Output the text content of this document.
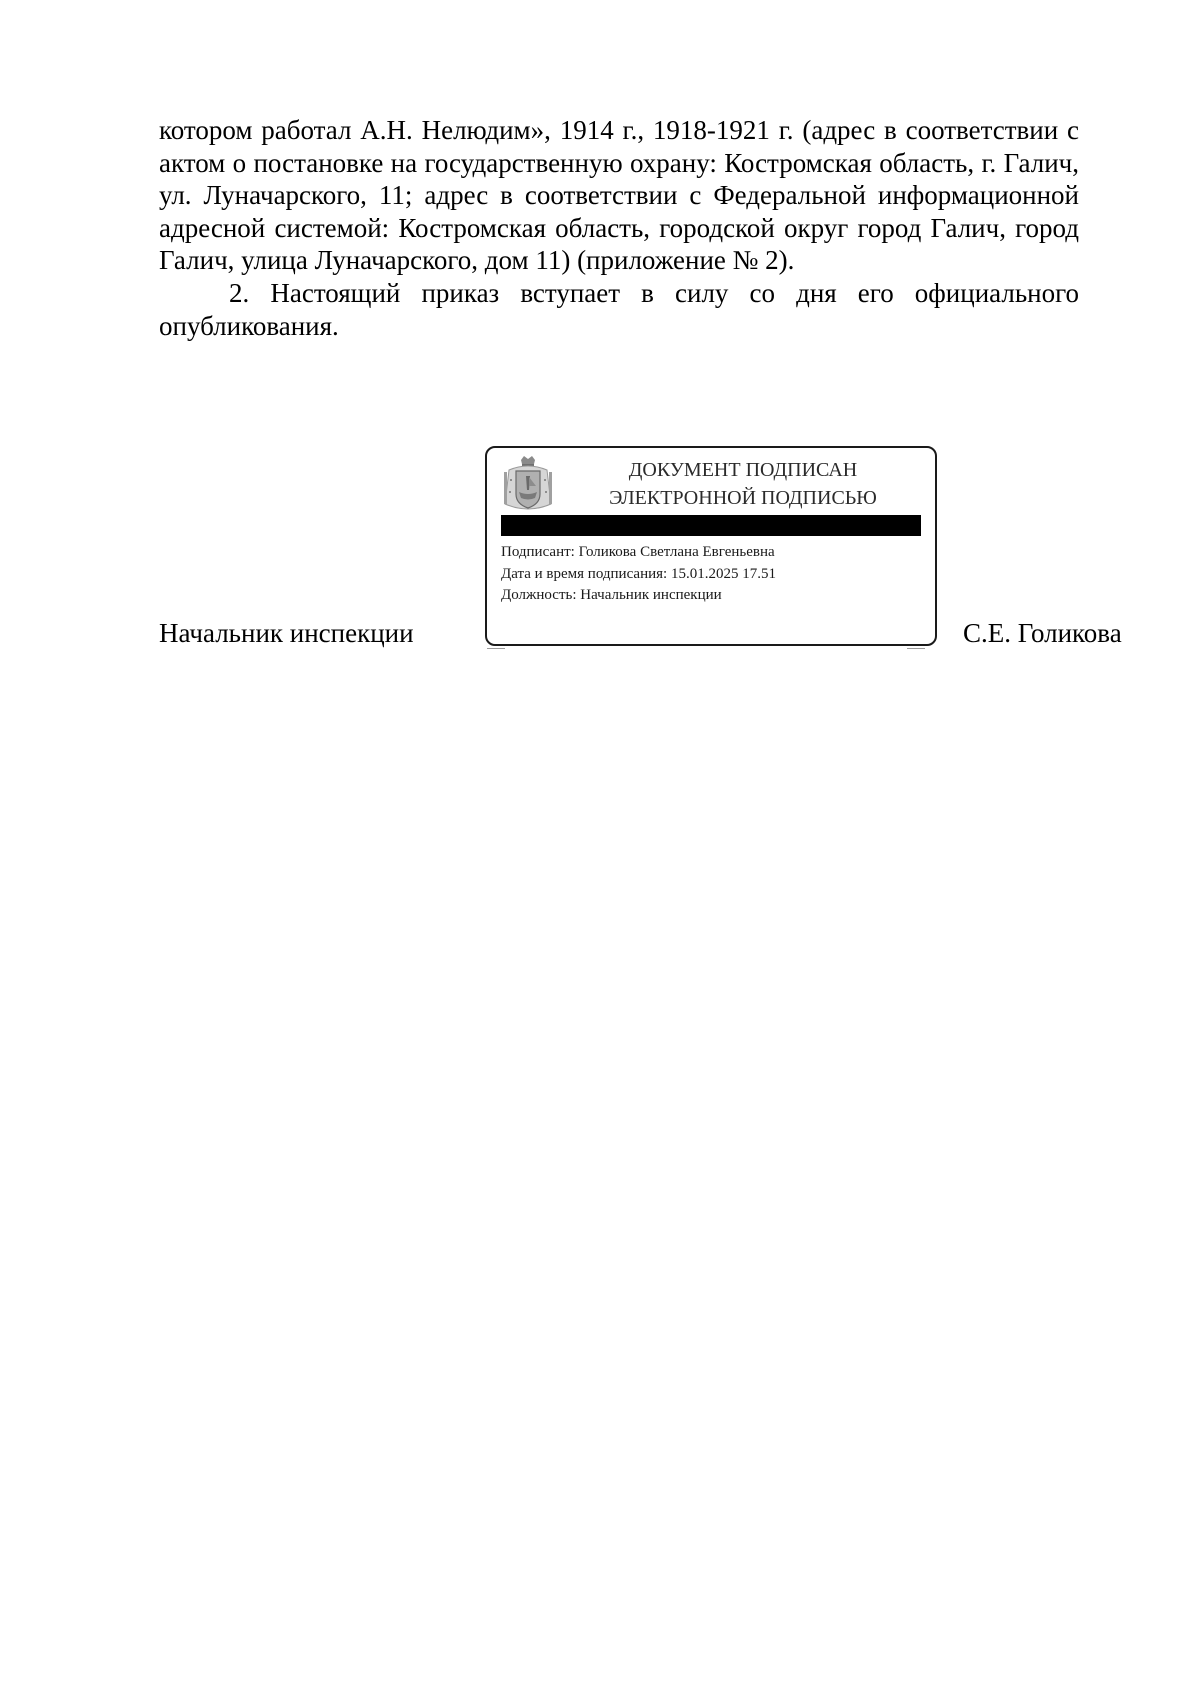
котором работал А.Н. Нелюдим», 1914 г., 1918-1921 г. (адрес в соответствии с актом о постановке на государственную охрану: Костромская область, г. Галич, ул. Луначарского, 11; адрес в соответствии с Федеральной информационной адресной системой: Костромская область, городской округ город Галич, город Галич, улица Луначарского, дом 11) (приложение № 2).

2. Настоящий приказ вступает в силу со дня его официального опубликования.

Начальник инспекции
ДОКУМЕНТ ПОДПИСАН
ЭЛЕКТРОННОЙ ПОДПИСЬЮ
Подписант: Голикова Светлана Евгеньевна
Дата и время подписания: 15.01.2025 17.51
Должность: Начальник инспекции
С.Е. Голикова
